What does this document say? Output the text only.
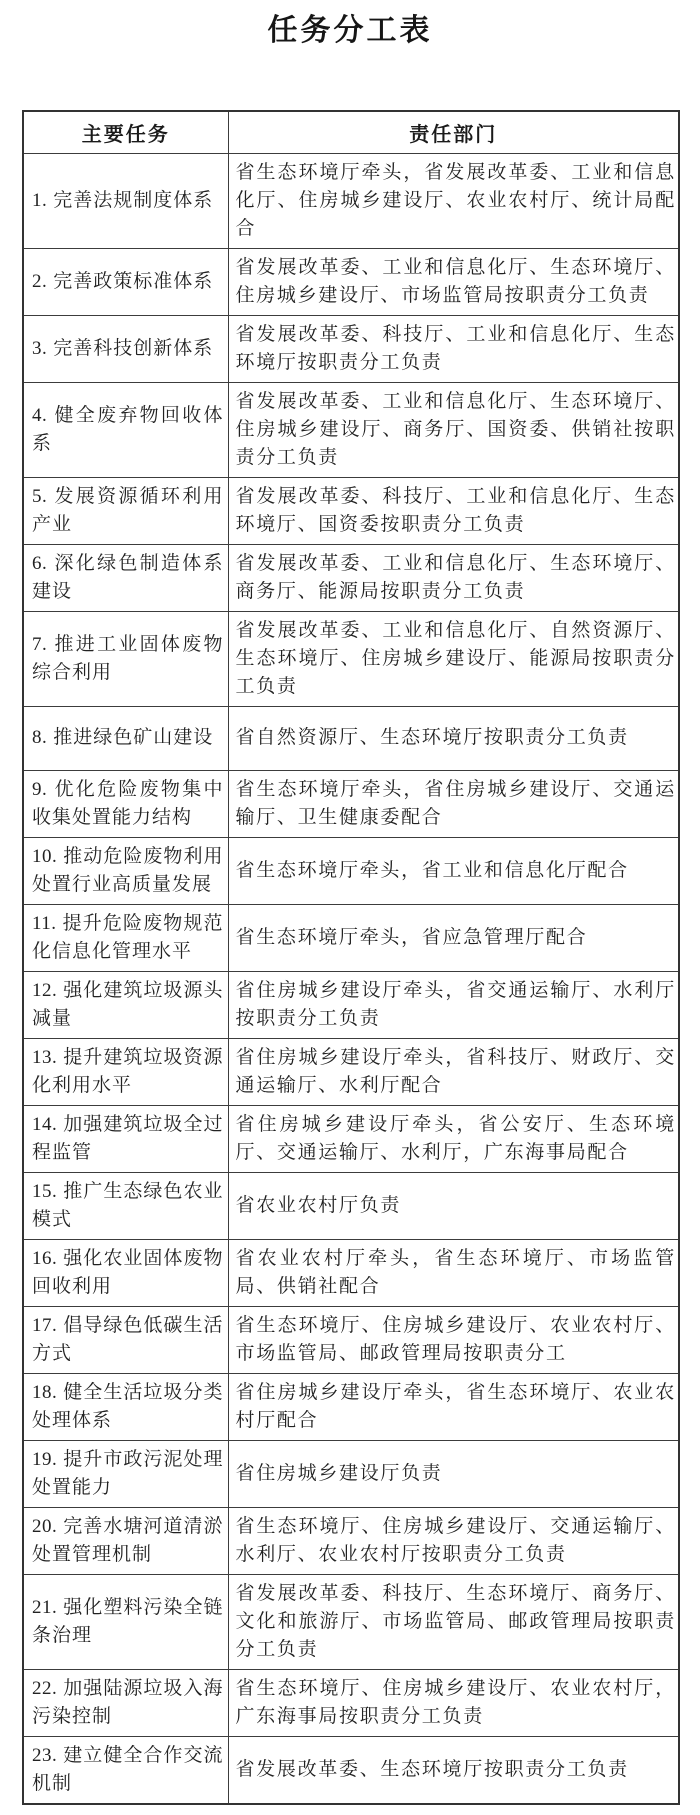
任务分工表
主要任务	责任部门
1. 完善法规制度体系	省生态环境厅牵头，省发展改革委、工业和信息化厅、住房城乡建设厅、农业农村厅、统计局配合
2. 完善政策标准体系	省发展改革委、工业和信息化厅、生态环境厅、住房城乡建设厅、市场监管局按职责分工负责
3. 完善科技创新体系	省发展改革委、科技厅、工业和信息化厅、生态环境厅按职责分工负责
4. 健全废弃物回收体系	省发展改革委、工业和信息化厅、生态环境厅、住房城乡建设厅、商务厅、国资委、供销社按职责分工负责
5. 发展资源循环利用产业	省发展改革委、科技厅、工业和信息化厅、生态环境厅、国资委按职责分工负责
6. 深化绿色制造体系建设	省发展改革委、工业和信息化厅、生态环境厅、商务厅、能源局按职责分工负责
7. 推进工业固体废物综合利用	省发展改革委、工业和信息化厅、自然资源厅、生态环境厅、住房城乡建设厅、能源局按职责分工负责
8. 推进绿色矿山建设	省自然资源厅、生态环境厅按职责分工负责
9. 优化危险废物集中收集处置能力结构	省生态环境厅牵头，省住房城乡建设厅、交通运输厅、卫生健康委配合
10. 推动危险废物利用处置行业高质量发展	省生态环境厅牵头，省工业和信息化厅配合
11. 提升危险废物规范化信息化管理水平	省生态环境厅牵头，省应急管理厅配合
12. 强化建筑垃圾源头减量	省住房城乡建设厅牵头，省交通运输厅、水利厅按职责分工负责
13. 提升建筑垃圾资源化利用水平	省住房城乡建设厅牵头，省科技厅、财政厅、交通运输厅、水利厅配合
14. 加强建筑垃圾全过程监管	省住房城乡建设厅牵头，省公安厅、生态环境厅、交通运输厅、水利厅，广东海事局配合
15. 推广生态绿色农业模式	省农业农村厅负责
16. 强化农业固体废物回收利用	省农业农村厅牵头，省生态环境厅、市场监管局、供销社配合
17. 倡导绿色低碳生活方式	省生态环境厅、住房城乡建设厅、农业农村厅、市场监管局、邮政管理局按职责分工
18. 健全生活垃圾分类处理体系	省住房城乡建设厅牵头，省生态环境厅、农业农村厅配合
19. 提升市政污泥处理处置能力	省住房城乡建设厅负责
20. 完善水塘河道清淤处置管理机制	省生态环境厅、住房城乡建设厅、交通运输厅、水利厅、农业农村厅按职责分工负责
21. 强化塑料污染全链条治理	省发展改革委、科技厅、生态环境厅、商务厅、文化和旅游厅、市场监管局、邮政管理局按职责分工负责
22. 加强陆源垃圾入海污染控制	省生态环境厅、住房城乡建设厅、农业农村厅，广东海事局按职责分工负责
23. 建立健全合作交流机制	省发展改革委、生态环境厅按职责分工负责
